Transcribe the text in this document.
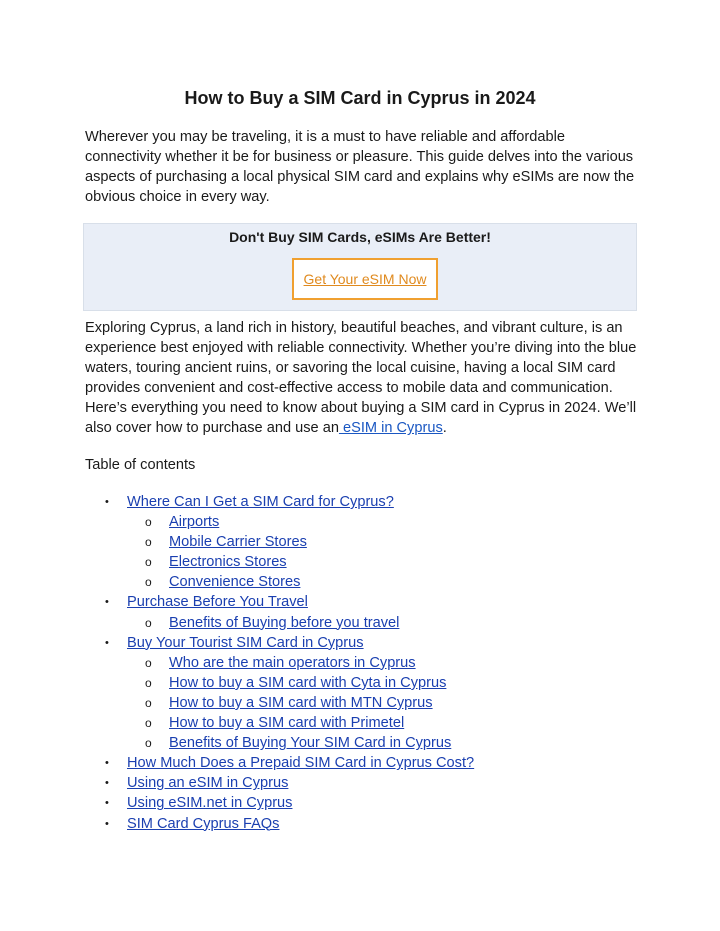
How to Buy a SIM Card in Cyprus in 2024

Wherever you may be traveling, it is a must to have reliable and affordable connectivity whether it be for business or pleasure. This guide delves into the various aspects of purchasing a local physical SIM card and explains why eSIMs are now the obvious choice in every way.

Don't Buy SIM Cards, eSIMs Are Better!
Get Your eSIM Now

Exploring Cyprus, a land rich in history, beautiful beaches, and vibrant culture, is an experience best enjoyed with reliable connectivity. Whether you’re diving into the blue waters, touring ancient ruins, or savoring the local cuisine, having a local SIM card provides convenient and cost-effective access to mobile data and communication. Here’s everything you need to know about buying a SIM card in Cyprus in 2024. We’ll also cover how to purchase and use an eSIM in Cyprus.

Table of contents
• Where Can I Get a SIM Card for Cyprus?
o Airports
o Mobile Carrier Stores
o Electronics Stores
o Convenience Stores
• Purchase Before You Travel
o Benefits of Buying before you travel
• Buy Your Tourist SIM Card in Cyprus
o Who are the main operators in Cyprus
o How to buy a SIM card with Cyta in Cyprus
o How to buy a SIM card with MTN Cyprus
o How to buy a SIM card with Primetel
o Benefits of Buying Your SIM Card in Cyprus
• How Much Does a Prepaid SIM Card in Cyprus Cost?
• Using an eSIM in Cyprus
• Using eSIM.net in Cyprus
• SIM Card Cyprus FAQs
